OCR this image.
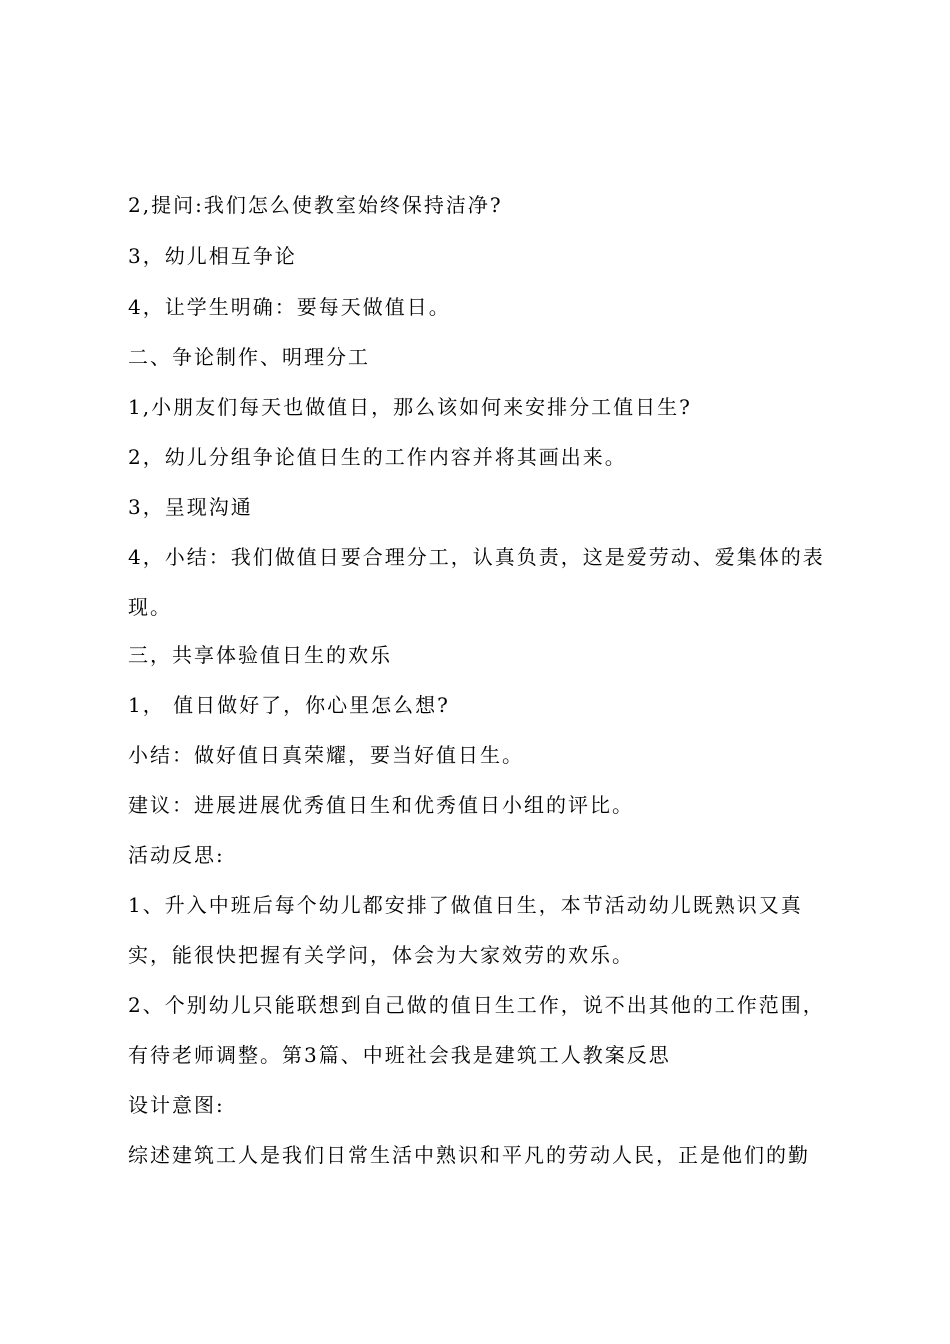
2,提问:我们怎么使教室始终保持洁净?
3，幼儿相互争论
4，让学生明确：要每天做值日。
二、争论制作、明理分工
1,小朋友们每天也做值日，那么该如何来安排分工值日生?
2，幼儿分组争论值日生的工作内容并将其画出来。
3，呈现沟通
4，小结：我们做值日要合理分工，认真负责，这是爱劳动、爱集体的表
现。
三，共享体验值日生的欢乐
1， 值日做好了，你心里怎么想?
小结：做好值日真荣耀，要当好值日生。
建议：进展进展优秀值日生和优秀值日小组的评比。
活动反思:
1、升入中班后每个幼儿都安排了做值日生，本节活动幼儿既熟识又真
实，能很快把握有关学问，体会为大家效劳的欢乐。
2、个别幼儿只能联想到自己做的值日生工作，说不出其他的工作范围，
有待老师调整。第3篇、中班社会我是建筑工人教案反思
设计意图:
综述建筑工人是我们日常生活中熟识和平凡的劳动人民，正是他们的勤
